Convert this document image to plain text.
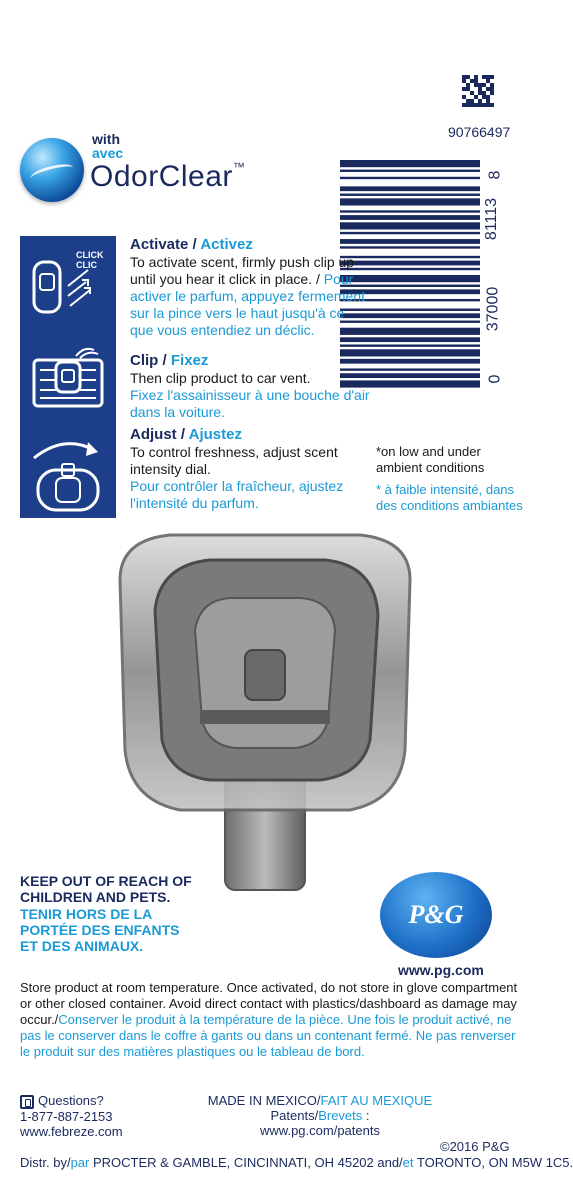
with
avec
OdorClear™
90766497
8
81113
37000
0
CLICK
CLIC
Activate / Activez
To activate scent, firmly push clip up until you hear it click in place. / Pour activer le parfum, appuyez fermement sur la pince vers le haut jusqu'à ce que vous entendiez un déclic.
Clip / Fixez
Then clip product to car vent.
Fixez l'assainisseur à une bouche d'air dans la voiture.
Adjust / Ajustez
To control freshness, adjust scent intensity dial.
Pour contrôler la fraîcheur, ajustez l'intensité du parfum.
*on low and under ambient conditions
* à faible intensité, dans des conditions ambiantes
KEEP OUT OF REACH OF
CHILDREN AND PETS.
TENIR HORS DE LA
PORTÉE DES ENFANTS
ET DES ANIMAUX.
P&G
www.pg.com
Store product at room temperature. Once activated, do not store in glove compartment or other closed container. Avoid direct contact with plastics/dashboard as damage may occur./Conserver le produit à la température de la pièce. Une fois le produit activé, ne pas le conserver dans le coffre à gants ou dans un contenant fermé. Ne pas renverser le produit sur des matières plastiques ou le tableau de bord.
Questions?
1-877-887-2153
www.febreze.com
MADE IN MEXICO/FAIT AU MEXIQUE
Patents/Brevets :
www.pg.com/patents
©2016 P&G
Distr. by/par PROCTER & GAMBLE, CINCINNATI, OH 45202 and/et TORONTO, ON M5W 1C5.
